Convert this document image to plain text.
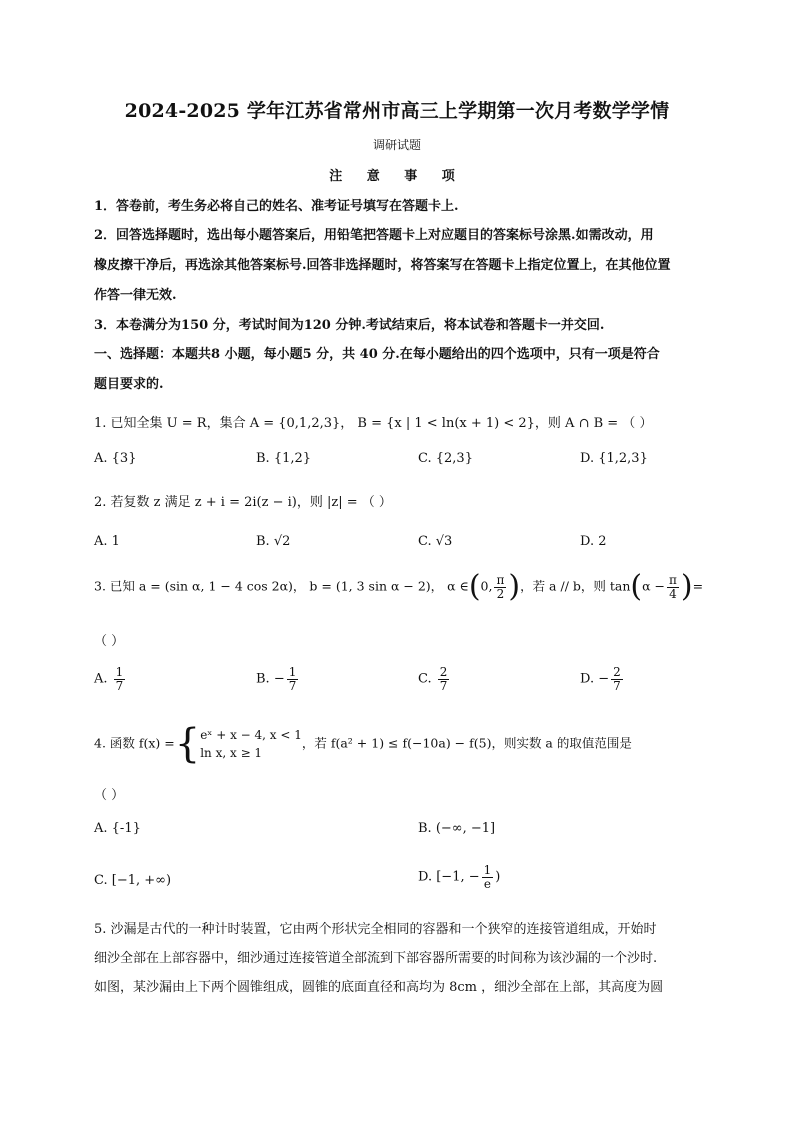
2024-2025 学年江苏省常州市高三上学期第一次月考数学学情
调研试题
注 意 事 项
1．答卷前，考生务必将自己的姓名、准考证号填写在答题卡上.
2．回答选择题时，选出每小题答案后，用铅笔把答题卡上对应题目的答案标号涂黑.如需改动，用
橡皮擦干净后，再选涂其他答案标号.回答非选择题时，将答案写在答题卡上指定位置上，在其他位置
作答一律无效.
3．本卷满分为150 分，考试时间为120 分钟.考试结束后，将本试卷和答题卡一并交回.
一、选择题：本题共8 小题，每小题5 分，共 40 分.在每小题给出的四个选项中，只有一项是符合
题目要求的.
1. 已知全集 U = R，集合 A = {0,1,2,3}， B = {x | 1 < ln(x + 1) < 2}，则 A ∩ B = （ ）
A. {3}	B. {1,2}	C. {2,3}	D. {1,2,3}
2. 若复数 z 满足 z + i = 2i(z − i)，则 |z| = （ ）
A. 1	B. √2	C. √3	D. 2
3. 已知 a = (sin α, 1 − 4 cos 2α)， b = (1, 3 sin α − 2)， α ∈(0, $\frac{\pi}{2}$ )，若 a // b，则 $\tan(\alpha - \frac{\pi}{4}$ )=
（ ）
A. $\frac{1}{7}$	B. − $\frac{1}{7}$	C. $\frac{2}{7}$	D. − $\frac{2}{7}$
4. 函数 f(x) ={ eˣ + x − 4, x < 1
ln x, x ≥ 1
，若 f(a² + 1) ≤ f(−10a) − f(5)，则实数 a 的取值范围是
（ ）
A. {-1}	B. (−∞, −1]
C. [−1, +∞)	D. [−1, − $\frac{1}{e}$ )
5. 沙漏是古代的一种计时装置，它由两个形状完全相同的容器和一个狭窄的连接管道组成，开始时
细沙全部在上部容器中，细沙通过连接管道全部流到下部容器所需要的时间称为该沙漏的一个沙时.
如图，某沙漏由上下两个圆锥组成，圆锥的底面直径和高均为 8cm ，细沙全部在上部，其高度为圆
